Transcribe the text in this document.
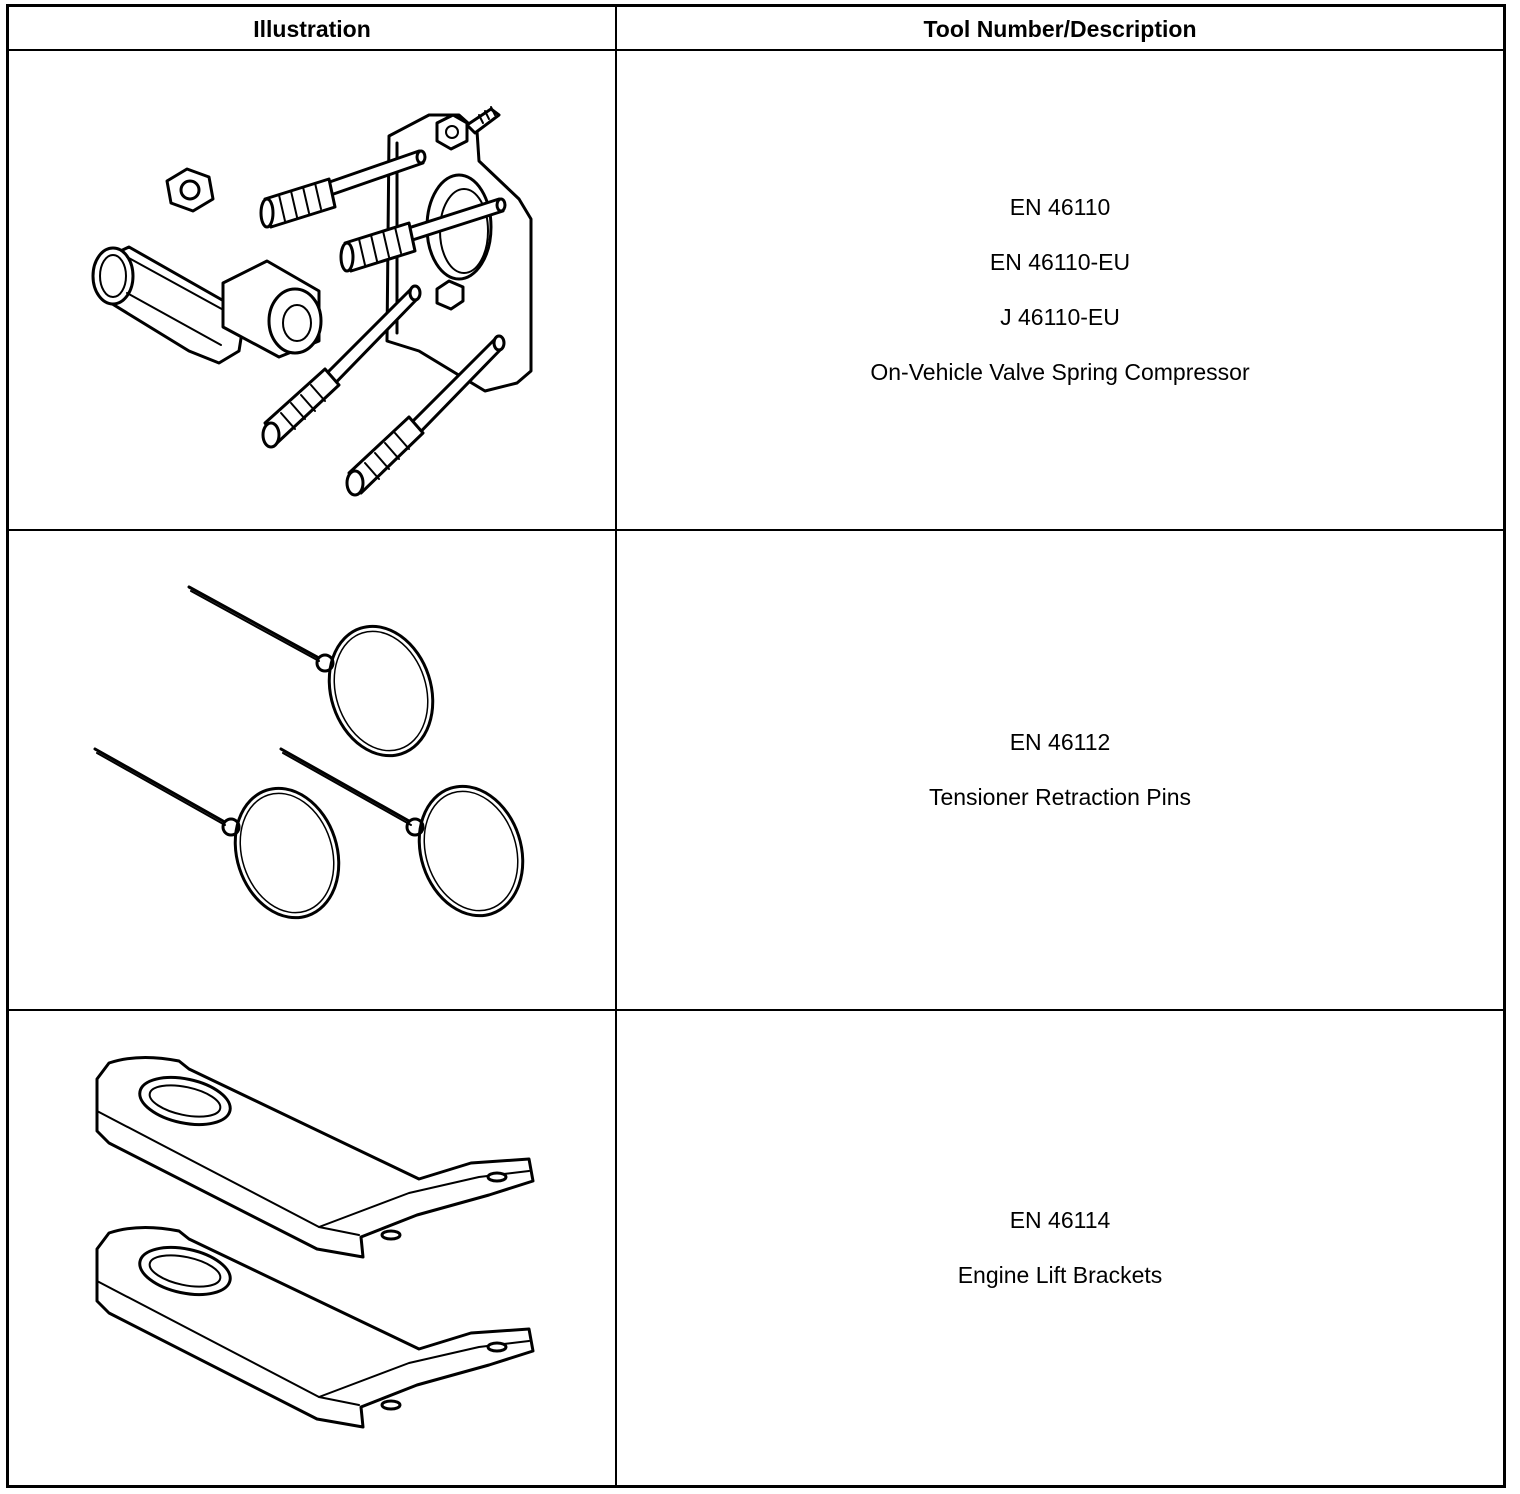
Illustration	Tool Number/Description
EN 46110
EN 46110-EU
J 46110-EU
On-Vehicle Valve Spring Compressor
EN 46112
Tensioner Retraction Pins
EN 46114
Engine Lift Brackets
